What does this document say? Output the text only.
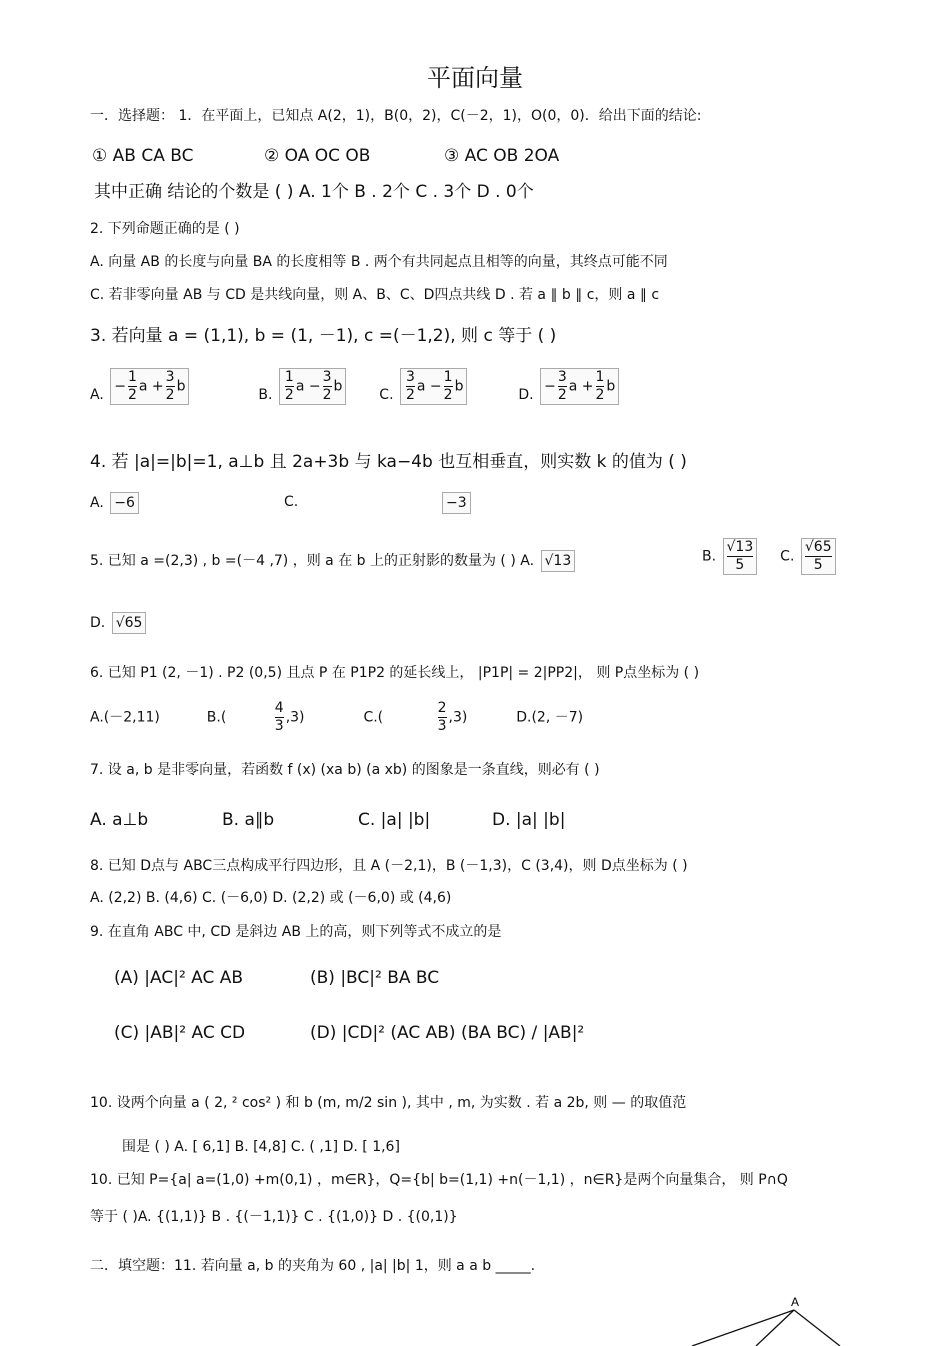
平面向量
一．选择题： 1．在平面上，已知点 A(2，1)，B(0，2)，C(－2，1)，O(0，0)．给出下面的结论:
① AB CA BC	② OA OC OB	③ AC OB 2OA
其中正确 结论的个数是 ( ) A. 1个 B . 2个 C . 3个 D . 0个
2. 下列命题正确的是 ( )
A. 向量 AB 的长度与向量 BA 的长度相等 B . 两个有共同起点且相等的向量，其终点可能不同
C. 若非零向量 AB 与 CD 是共线向量，则 A、B、C、D四点共线 D . 若 a ∥ b ∥ c，则 a ∥ c
3. 若向量 a = (1,1), b = (1, －1), c =(－1,2), 则 c 等于 ( )
A. − $\frac{1}{2}$ $a + \frac{3}{2}$ b  B. $\frac{1}{2}$ $a - \frac{3}{2}$ b  C. $\frac{3}{2}$ $a - \frac{1}{2}$ b  D. − $\frac{3}{2}$ $a + \frac{1}{2}$ b
4. 若 |a|=|b|=1, a⊥b 且 2a+3b 与 ka−4b 也互相垂直，则实数 k 的值为 ( )
A. −6	C.	−3
5. 已知 a =(2,3) , b =(－4 ,7) ，则 a 在 b 上的正射影的数量为 ( ) A. √13	B. $\frac{√13}{5} C$. $\frac{√65}{5}$
D. √65
6. 已知 P1 (2, －1) . P2 (0,5) 且点 P 在 P1P2 的延长线上， |P1P| = 2|PP2|， 则 P点坐标为 ( )
A.(－2,11)	B.(	$\frac{4}{3} ,3$)	C.(	$\frac{2}{3} ,3$)	D.(2, －7)
7. 设 a, b 是非零向量，若函数 f (x) (xa b) (a xb) 的图象是一条直线，则必有 ( )
A. a⊥b	B. a∥b	C. |a| |b|	D. |a| |b|
8. 已知 D点与 ABC三点构成平行四边形，且 A (－2,1)，B (－1,3)，C (3,4)，则 D点坐标为 ( )
A. (2,2) B. (4,6) C. (－6,0) D. (2,2) 或 (－6,0) 或 (4,6)
9. 在直角 ABC 中, CD 是斜边 AB 上的高，则下列等式不成立的是
(A) |AC|² AC AB	(B) |BC|² BA BC
(C) |AB|² AC CD	(D) |CD|² (AC AB) (BA BC) / |AB|²
10. 设两个向量 a ( 2, ² cos² ) 和 b (m, m/2 sin ), 其中 , m, 为实数 . 若 a 2b, 则 — 的取值范
围是 ( ) A. [ 6,1] B. [4,8] C. ( ,1] D. [ 1,6]
10. 已知 P={a| a=(1,0) +m(0,1) ，m∈R}，Q={b| b=(1,1) +n(－1,1) ，n∈R}是两个向量集合， 则 P∩Q
等于 ( )A. {(1,1)} B . {(－1,1)} C . {(1,0)} D . {(0,1)}
二．填空题：11. 若向量 a, b 的夹角为 60 , |a| |b| 1，则 a a b _____.
A
